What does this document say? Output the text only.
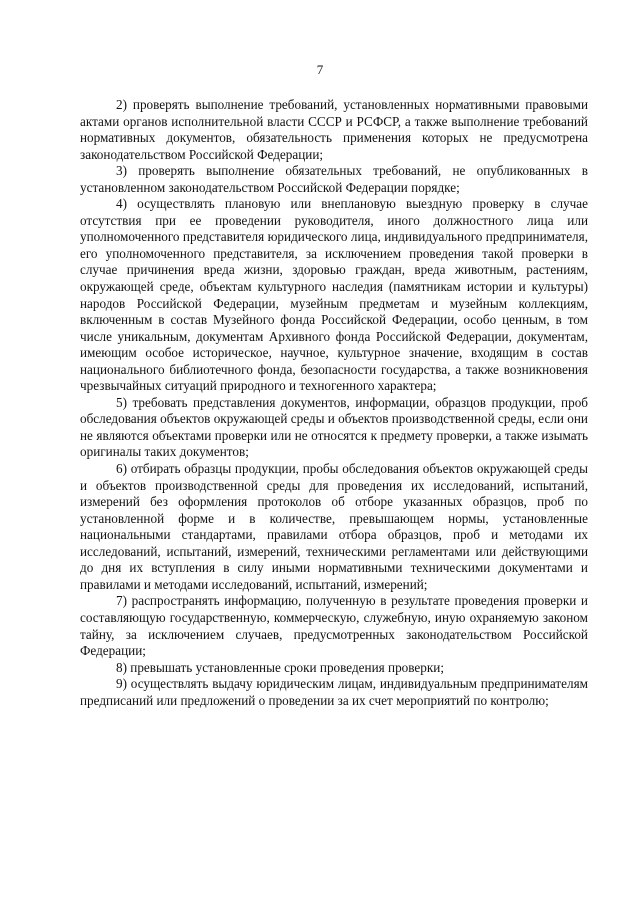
7

2) проверять выполнение требований, установленных нормативными правовыми актами органов исполнительной власти СССР и РСФСР, а также выполнение требований нормативных документов, обязательность применения которых не предусмотрена законодательством Российской Федерации;

3) проверять выполнение обязательных требований, не опубликованных в установленном законодательством Российской Федерации порядке;

4) осуществлять плановую или внеплановую выездную проверку в случае отсутствия при ее проведении руководителя, иного должностного лица или уполномоченного представителя юридического лица, индивидуального предпринимателя, его уполномоченного представителя, за исключением проведения такой проверки в случае причинения вреда жизни, здоровью граждан, вреда животным, растениям, окружающей среде, объектам культурного наследия (памятникам истории и культуры) народов Российской Федерации, музейным предметам и музейным коллекциям, включенным в состав Музейного фонда Российской Федерации, особо ценным, в том числе уникальным, документам Архивного фонда Российской Федерации, документам, имеющим особое историческое, научное, культурное значение, входящим в состав национального библиотечного фонда, безопасности государства, а также возникновения чрезвычайных ситуаций природного и техногенного характера;

5) требовать представления документов, информации, образцов продукции, проб обследования объектов окружающей среды и объектов производственной среды, если они не являются объектами проверки или не относятся к предмету проверки, а также изымать оригиналы таких документов;

6) отбирать образцы продукции, пробы обследования объектов окружающей среды и объектов производственной среды для проведения их исследований, испытаний, измерений без оформления протоколов об отборе указанных образцов, проб по установленной форме и в количестве, превышающем нормы, установленные национальными стандартами, правилами отбора образцов, проб и методами их исследований, испытаний, измерений, техническими регламентами или действующими до дня их вступления в силу иными нормативными техническими документами и правилами и методами исследований, испытаний, измерений;

7) распространять информацию, полученную в результате проведения проверки и составляющую государственную, коммерческую, служебную, иную охраняемую законом тайну, за исключением случаев, предусмотренных законодательством Российской Федерации;

8) превышать установленные сроки проведения проверки;

9) осуществлять выдачу юридическим лицам, индивидуальным предпринимателям предписаний или предложений о проведении за их счет мероприятий по контролю;
